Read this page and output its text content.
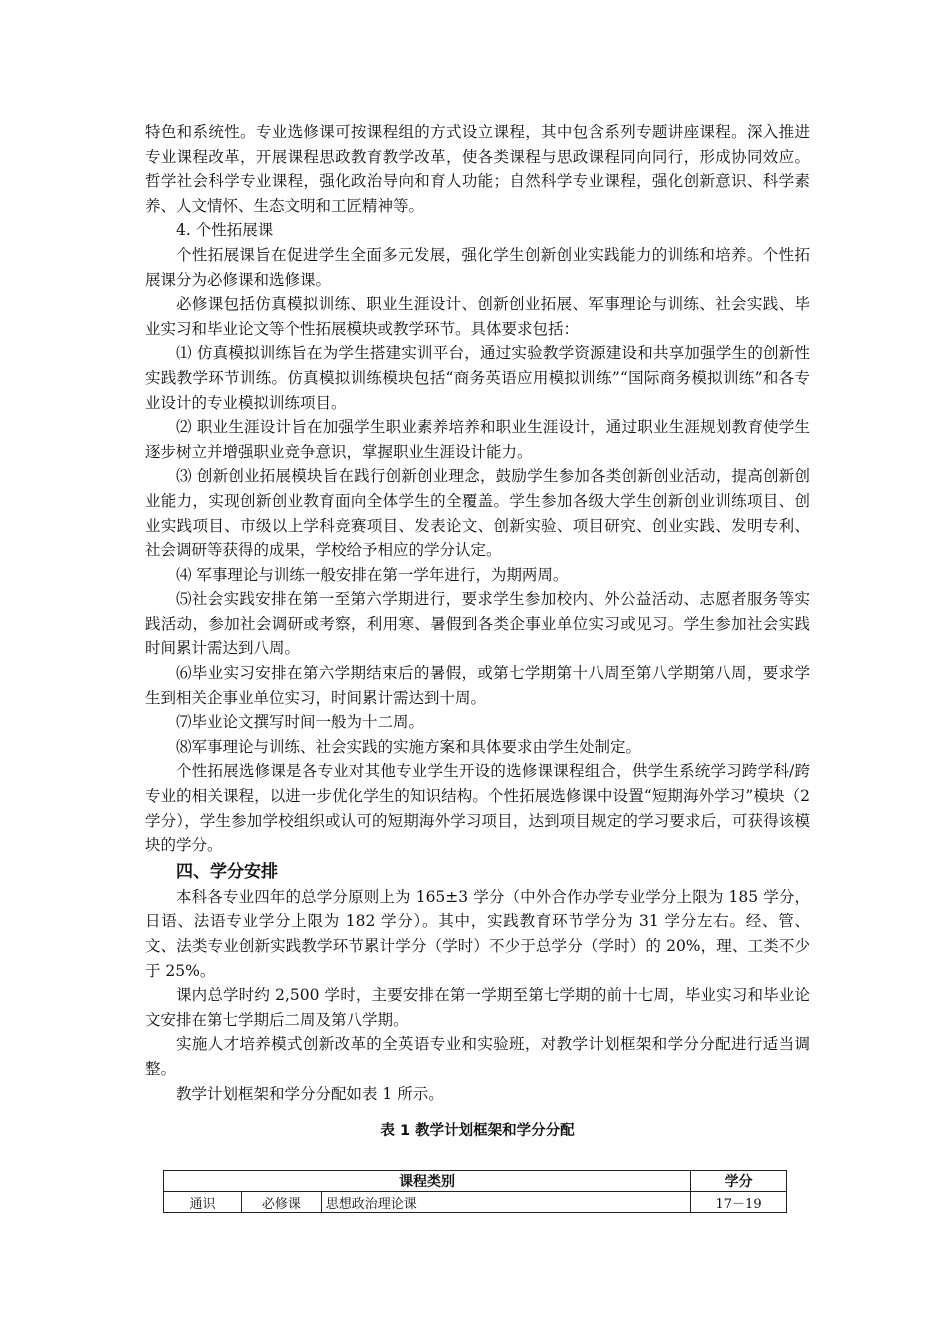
特色和系统性。专业选修课可按课程组的方式设立课程，其中包含系列专题讲座课程。深入推进专业课程改革，开展课程思政教育教学改革，使各类课程与思政课程同向同行，形成协同效应。哲学社会科学专业课程，强化政治导向和育人功能；自然科学专业课程，强化创新意识、科学素养、人文情怀、生态文明和工匠精神等。

4. 个性拓展课

个性拓展课旨在促进学生全面多元发展，强化学生创新创业实践能力的训练和培养。个性拓展课分为必修课和选修课。

必修课包括仿真模拟训练、职业生涯设计、创新创业拓展、军事理论与训练、社会实践、毕业实习和毕业论文等个性拓展模块或教学环节。具体要求包括：

⑴ 仿真模拟训练旨在为学生搭建实训平台，通过实验教学资源建设和共享加强学生的创新性实践教学环节训练。仿真模拟训练模块包括“商务英语应用模拟训练”“国际商务模拟训练”和各专业设计的专业模拟训练项目。

⑵ 职业生涯设计旨在加强学生职业素养培养和职业生涯设计，通过职业生涯规划教育使学生逐步树立并增强职业竞争意识，掌握职业生涯设计能力。

⑶ 创新创业拓展模块旨在践行创新创业理念，鼓励学生参加各类创新创业活动，提高创新创业能力，实现创新创业教育面向全体学生的全覆盖。学生参加各级大学生创新创业训练项目、创业实践项目、市级以上学科竞赛项目、发表论文、创新实验、项目研究、创业实践、发明专利、社会调研等获得的成果，学校给予相应的学分认定。

⑷ 军事理论与训练一般安排在第一学年进行，为期两周。

⑸社会实践安排在第一至第六学期进行，要求学生参加校内、外公益活动、志愿者服务等实践活动，参加社会调研或考察，利用寒、暑假到各类企事业单位实习或见习。学生参加社会实践时间累计需达到八周。

⑹毕业实习安排在第六学期结束后的暑假，或第七学期第十八周至第八学期第八周，要求学生到相关企事业单位实习，时间累计需达到十周。

⑺毕业论文撰写时间一般为十二周。

⑻军事理论与训练、社会实践的实施方案和具体要求由学生处制定。

个性拓展选修课是各专业对其他专业学生开设的选修课课程组合，供学生系统学习跨学科/跨专业的相关课程，以进一步优化学生的知识结构。个性拓展选修课中设置“短期海外学习”模块（2 学分），学生参加学校组织或认可的短期海外学习项目，达到项目规定的学习要求后，可获得该模块的学分。

四、学分安排

本科各专业四年的总学分原则上为 165±3 学分（中外合作办学专业学分上限为 185 学分，日语、法语专业学分上限为 182 学分）。其中，实践教育环节学分为 31 学分左右。经、管、文、法类专业创新实践教学环节累计学分（学时）不少于总学分（学时）的 20%，理、工类不少于 25%。

课内总学时约 2,500 学时，主要安排在第一学期至第七学期的前十七周，毕业实习和毕业论文安排在第七学期后二周及第八学期。

实施人才培养模式创新改革的全英语专业和实验班，对教学计划框架和学分分配进行适当调整。

教学计划框架和学分分配如表 1 所示。

表 1 教学计划框架和学分分配
课程类别			学分
通识	必修课	思想政治理论课	17－19
